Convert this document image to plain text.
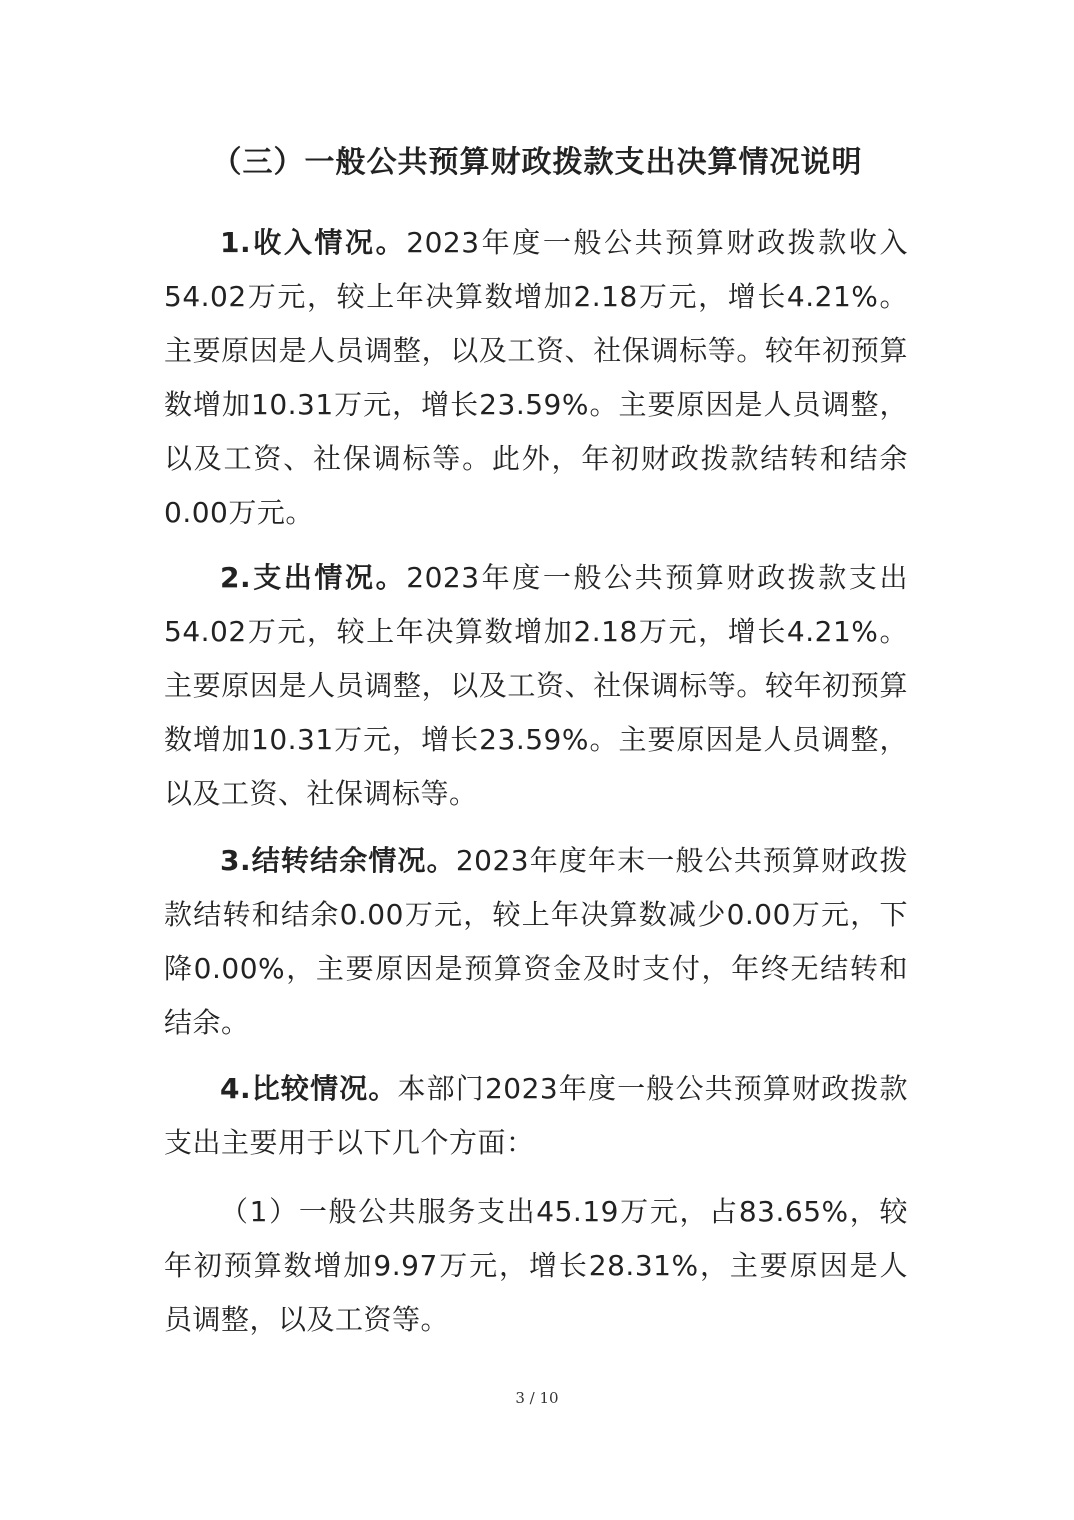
（三）一般公共预算财政拨款支出决算情况说明

1.收入情况。2023年度一般公共预算财政拨款收入54.02万元，较上年决算数增加2.18万元，增长4.21%。主要原因是人员调整，以及工资、社保调标等。较年初预算数增加10.31万元，增长23.59%。主要原因是人员调整，以及工资、社保调标等。此外，年初财政拨款结转和结余0.00万元。

2.支出情况。2023年度一般公共预算财政拨款支出54.02万元，较上年决算数增加2.18万元，增长4.21%。主要原因是人员调整，以及工资、社保调标等。较年初预算数增加10.31万元，增长23.59%。主要原因是人员调整，以及工资、社保调标等。

3.结转结余情况。2023年度年末一般公共预算财政拨款结转和结余0.00万元，较上年决算数减少0.00万元，下降0.00%，主要原因是预算资金及时支付，年终无结转和结余。

4.比较情况。本部门2023年度一般公共预算财政拨款支出主要用于以下几个方面：

（1）一般公共服务支出45.19万元，占83.65%，较年初预算数增加9.97万元，增长28.31%，主要原因是人员调整，以及工资等。

3 / 10
